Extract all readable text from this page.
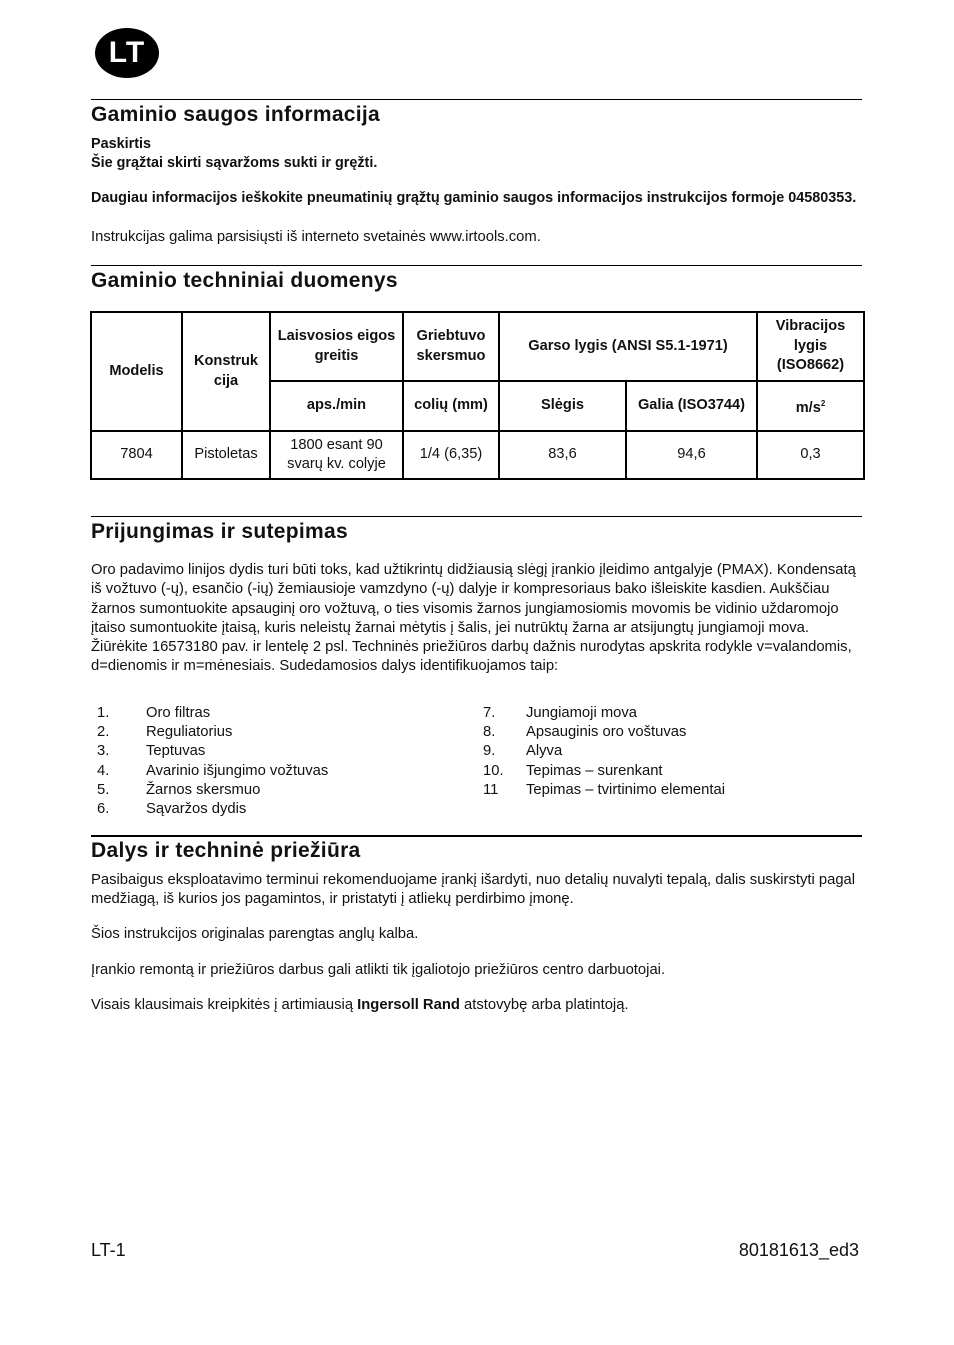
LT
Gaminio saugos informacija
Paskirtis
Šie grąžtai skirti sąvaržoms sukti ir gręžti.
Daugiau informacijos ieškokite pneumatinių grąžtų gaminio saugos informacijos instrukcijos formoje 04580353.
Instrukcijas galima parsisiųsti iš interneto svetainės www.irtools.com.
Gaminio techniniai duomenys
Modelis	Konstruk cija	Laisvosios eigos greitis	Griebtuvo skersmuo	Garso lygis (ANSI S5.1-1971)		Vibracijos lygis (ISO8662)
		aps./min	colių (mm)	Slėgis	Galia (ISO3744)	$m/s^2$
7804	Pistoletas	1800 esant 90 svarų kv. colyje	1/4 (6,35)	83,6	94,6	0,3
Prijungimas ir sutepimas
Oro padavimo linijos dydis turi būti toks, kad užtikrintų didžiausią slėgį įrankio įleidimo antgalyje (PMAX). Kondensatą iš vožtuvo (-ų), esančio (-ių) žemiausioje vamzdyno (-ų) dalyje ir kompresoriaus bako išleiskite kasdien. Aukščiau žarnos sumontuokite apsauginį oro vožtuvą, o ties visomis žarnos jungiamosiomis movomis be vidinio uždaromojo įtaiso sumontuokite įtaisą, kuris neleistų žarnai mėtytis į šalis, jei nutrūktų žarna ar atsijungtų jungiamoji mova. Žiūrėkite 16573180 pav. ir lentelę 2 psl. Techninės priežiūros darbų dažnis nurodytas apskrita rodykle v=valandomis, d=dienomis ir m=mėnesiais. Sudedamosios dalys identifikuojamos taip:
1.	Oro filtras
2.	Reguliatorius
3.	Teptuvas
4.	Avarinio išjungimo vožtuvas
5.	Žarnos skersmuo
6.	Sąvaržos dydis
7.	Jungiamoji mova
8.	Apsauginis oro voštuvas
9.	Alyva
10.	Tepimas – surenkant
11	Tepimas – tvirtinimo elementai
Dalys ir techninė priežiūra
Pasibaigus eksploatavimo terminui rekomenduojame įrankį išardyti, nuo detalių nuvalyti tepalą, dalis suskirstyti pagal medžiagą, iš kurios jos pagamintos, ir pristatyti į atliekų perdirbimo įmonę.
Šios instrukcijos originalas parengtas anglų kalba.
Įrankio remontą ir priežiūros darbus gali atlikti tik įgaliotojo priežiūros centro darbuotojai.
Visais klausimais kreipkitės į artimiausią Ingersoll Rand atstovybę arba platintoją.
LT-1	80181613_ed3
